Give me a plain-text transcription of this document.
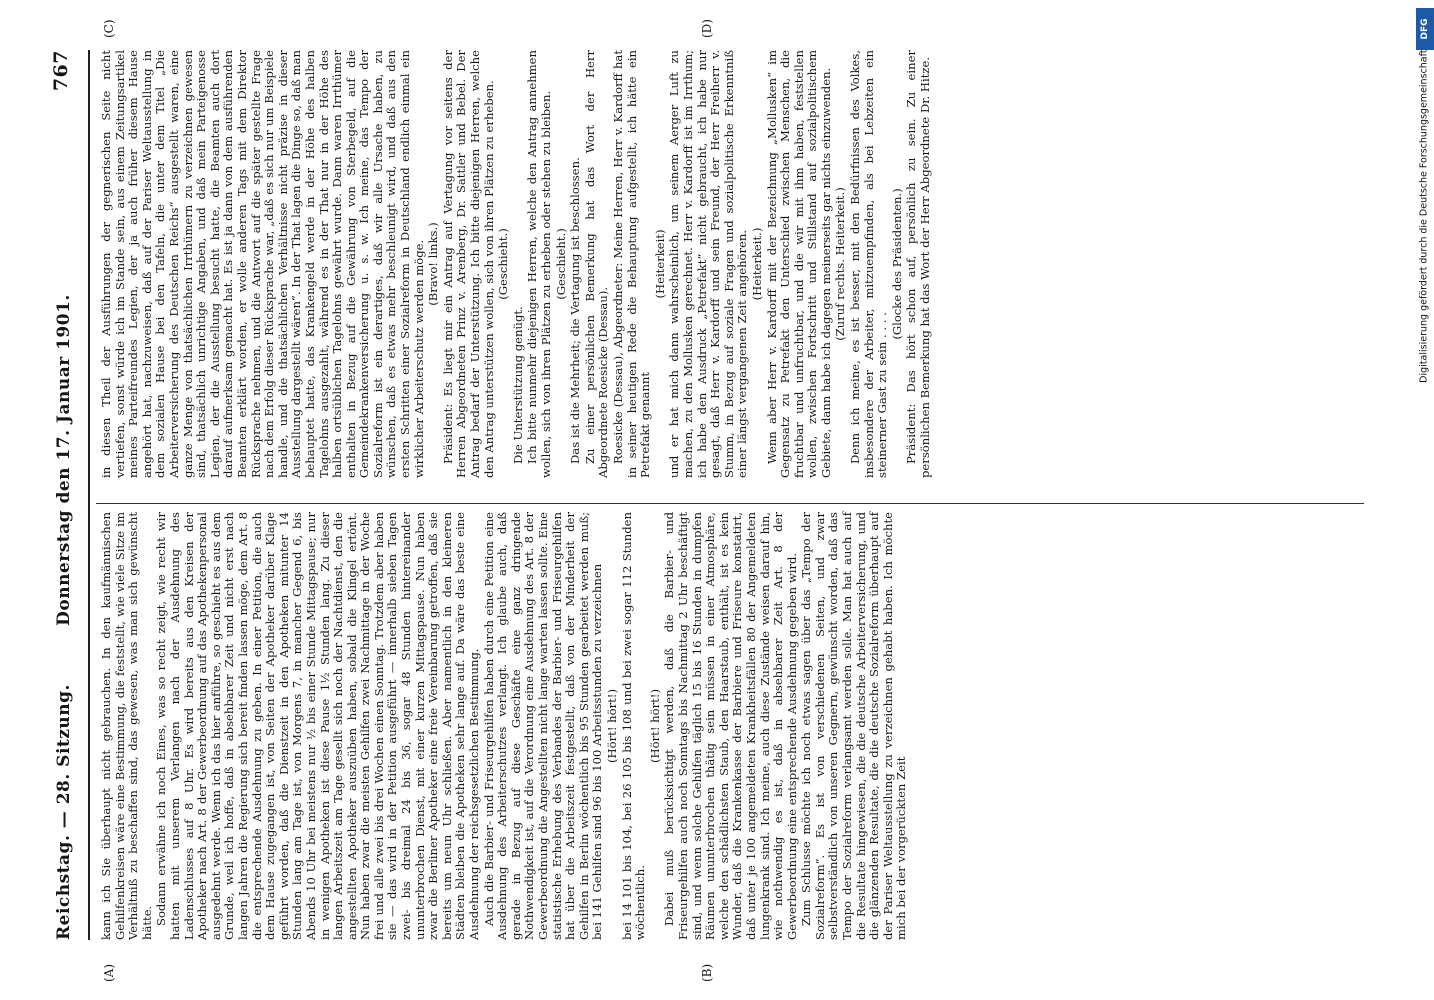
Reichstag. — 28. Sitzung.
Donnerstag den 17. Januar 1901.
767
(A)	(B)
(C)	(D)

kann ich Sie überhaupt nicht gebrauchen. In den kaufmännischen Gehilfenkreisen wäre eine Bestimmung, die feststellt, wie viele Sitze im Verhältniß zu beschaffen sind, das gewesen, was man sich gewünscht hätte. Sodann erwähne ich noch Eines, was so recht zeigt, wie recht wir hatten mit unserem Verlangen nach der Ausdehnung des Ladenschlusses auf 8 Uhr. Es wird bereits aus den Kreisen der Apotheker nach Art. 8 der Gewerbeordnung auf das Apothekenpersonal ausgedehnt werde. Wenn ich das hier anführe, so geschieht es aus dem Grunde, weil ich hoffe, daß in absehbarer Zeit und nicht erst nach langen Jahren die Regierung sich bereit finden lassen möge, dem Art. 8 die entsprechende Ausdehnung zu geben. In einer Petition, die auch dem Hause zugegangen ist, von Seiten der Apotheker darüber Klage geführt worden, daß die Dienstzeit in den Apotheken mitunter 14 Stunden lang am Tage ist, von Morgens 7, in mancher Gegend 6, bis Abends 10 Uhr bei meistens nur ½ bis einer Stunde Mittagspause; nur in wenigen Apotheken ist diese Pause 1½ Stunden lang. Zu dieser langen Arbeitszeit am Tage gesellt sich noch der Nachtdienst, den die angestellten Apotheker auszuüben haben, sobald die Klingel ertönt. Nun haben zwar die meisten Gehilfen zwei Nachmittage in der Woche frei und alle zwei bis drei Wochen einen Sonntag. Trotzdem aber haben sie — das wird in der Petition ausgeführt — innerhalb sieben Tagen zwei- bis dreimal 24 bis 36, sogar 48 Stunden hintereinander ununterbrochen Dienst, mit einer kurzen Mittagspause. Nun haben zwar die Berliner Apotheker eine freie Vereinbarung getroffen, daß sie bereits um neun Uhr schließen. Aber namentlich in den kleineren Städten bleiben die Apotheken sehr lange auf. Da wäre das beste eine Ausdehnung der reichsgesetzlichen Bestimmung. Auch die Barbier- und Friseurgehilfen haben durch eine Petition eine Ausdehnung des Arbeiterschutzes verlangt. Ich glaube auch, daß gerade in Bezug auf diese Geschäfte eine ganz dringende Nothwendigkeit ist, auf die Verordnung eine Ausdehnung des Art. 8 der Gewerbeordnung die Angestellten nicht lange warten lassen sollte. Eine statistische Erhebung des Verbandes der Barbier- und Friseurgehilfen hat über die Arbeitszeit festgestellt, daß von der Minderheit der Gehilfen in Berlin wöchentlich bis 95 Stunden gearbeitet werden muß; bei 141 Gehilfen sind 96 bis 100 Arbeitsstunden zu verzeichnen (Hört! hört!) bei 14 101 bis 104, bei 26 105 bis 108 und bei zwei sogar 112 Stunden wöchentlich.

(Hört! hört!) Dabei muß berücksichtigt werden, daß die Barbier- und Friseurgehilfen auch noch Sonntags bis Nachmittag 2 Uhr beschäftigt sind, und wenn solche Gehilfen täglich 15 bis 16 Stunden in dumpfen Räumen ununterbrochen thätig sein müssen in einer Atmosphäre, welche den schädlichsten Staub, den Haarstaub, enthält, ist es kein Wunder, daß die Krankenkasse der Barbiere und Friseure konstatirt, daß unter je 100 angemeldeten Krankheitsfällen 80 der Angemeldeten lungenkrank sind. Ich meine, auch diese Zustände weisen darauf hin, wie nothwendig es ist, daß in absehbarer Zeit Art. 8 der Gewerbeordnung eine entsprechende Ausdehnung gegeben wird. Zum Schlusse möchte ich noch etwas sagen über das „Tempo der Sozialreform“. Es ist von verschiedenen Seiten, und zwar selbstverständlich von unseren Gegnern, gewünscht worden, daß das Tempo der Sozialreform verlangsamt werden solle. Man hat auch auf die Resultate hingewiesen, die die deutsche Arbeiterversicherung, und die glänzenden Resultate, die die deutsche Sozialreform überhaupt auf der Pariser Weltausstellung zu verzeichnen gehabt haben. Ich möchte mich bei der vorgerückten Zeit

in diesen Theil der Ausführungen der gegnerischen Seite nicht vertiefen, sonst würde ich im Stande sein, aus einem Zeitungsartikel meines Parteifreundes Legien, der ja auch früher diesem Hause angehört hat, nachzuweisen, daß auf der Pariser Weltausstellung in dem sozialen Hause bei den Tafeln, die unter dem Titel „Die Arbeiterversicherung des Deutschen Reichs“ ausgestellt waren, eine ganze Menge von thatsächlichen Irrthümern zu verzeichnen gewesen sind, thatsächlich unrichtige Angaben, und daß mein Parteigenosse Legien, der die Ausstellung besucht hatte, die Beamten auch dort darauf aufmerksam gemacht hat. Es ist ja dann von dem ausführenden Beamten erklärt worden, er wolle anderen Tags mit dem Direktor Rücksprache nehmen, und die Antwort auf die später gestellte Frage nach dem Erfolg dieser Rücksprache war, „daß es sich nur um Beispiele handle, und die thatsächlichen Verhältnisse nicht präzise in dieser Ausstellung dargestellt wären“. In der That lagen die Dinge so, daß man behauptet hatte, das Krankengeld werde in der Höhe des halben Tagelohns ausgezahlt, während es in der That nur in der Höhe des halben ortsüblichen Tagelohns gewährt wurde. Dann waren Irrthümer enthalten in Bezug auf die Gewährung von Sterbegeld, auf die Gemeindekrankenversicherung u. s. w. Ich meine, das Tempo der Sozialreform ist ein derartiges, daß wir alle Ursache haben, zu wünschen, daß es etwas mehr beschleunigt wird, und daß aus den ersten Schritten einer Sozialreform in Deutschland endlich einmal ein wirklicher Arbeiterschutz werden möge. (Bravo! links.) Präsident: Es liegt mir ein Antrag auf Vertagung vor seitens der Herren Abgeordneten Prinz v. Arenberg, Dr. Sattler und Bebel. Der Antrag bedarf der Unterstützung. Ich bitte diejenigen Herren, welche den Antrag unterstützen wollen, sich von ihren Plätzen zu erheben. (Geschieht.)

Die Unterstützung genügt. Ich bitte nunmehr diejenigen Herren, welche den Antrag annehmen wollen, sich von ihren Plätzen zu erheben oder stehen zu bleiben. (Geschieht.) Das ist die Mehrheit; die Vertagung ist beschlossen. Zu einer persönlichen Bemerkung hat das Wort der Herr Abgeordnete Roesicke (Dessau). Roesicke (Dessau), Abgeordneter: Meine Herren, Herr v. Kardorff hat in seiner heutigen Rede die Behauptung aufgestellt, ich hätte ein Petrefakt genannt

(Heiterkeit) und er hat mich dann wahrscheinlich, um seinem Aerger Luft zu machen, zu den Mollusken gerechnet. Herr v. Kardorff ist im Irrthum; ich habe den Ausdruck „Petrefakt“ nicht gebraucht, ich habe nur gesagt, daß Herr v. Kardorff und sein Freund, der Herr Freiherr v. Stumm, in Bezug auf soziale Fragen und sozialpolitische Erkenntniß einer längst vergangenen Zeit angehören. (Heiterkeit.) Wenn aber Herr v. Kardorff mit der Bezeichnung „Mollusken“ im Gegensatz zu Petrefakt den Unterschied zwischen Menschen, die fruchtbar und unfruchtbar, und die wir mit ihm haben, feststellen wollen, zwischen Fortschritt und Stillstand auf sozialpolitischem Gebiete, dann habe ich dagegen meinerseits gar nichts einzuwenden. (Zuruf rechts. Heiterkeit.) Denn ich meine, es ist besser, mit den Bedürfnissen des Volkes, insbesondere der Arbeiter, mitzuempfinden, als bei Lebzeiten ein steinerner Gast zu sein . . . .

(Glocke des Präsidenten.) Präsident: Das hört schon auf, persönlich zu sein. Zu einer persönlichen Bemerkung hat das Wort der Herr Abgeordnete Dr. Hitze.

DFG
Digitalisierung gefördert durch die Deutsche Forschungsgemeinschaft
